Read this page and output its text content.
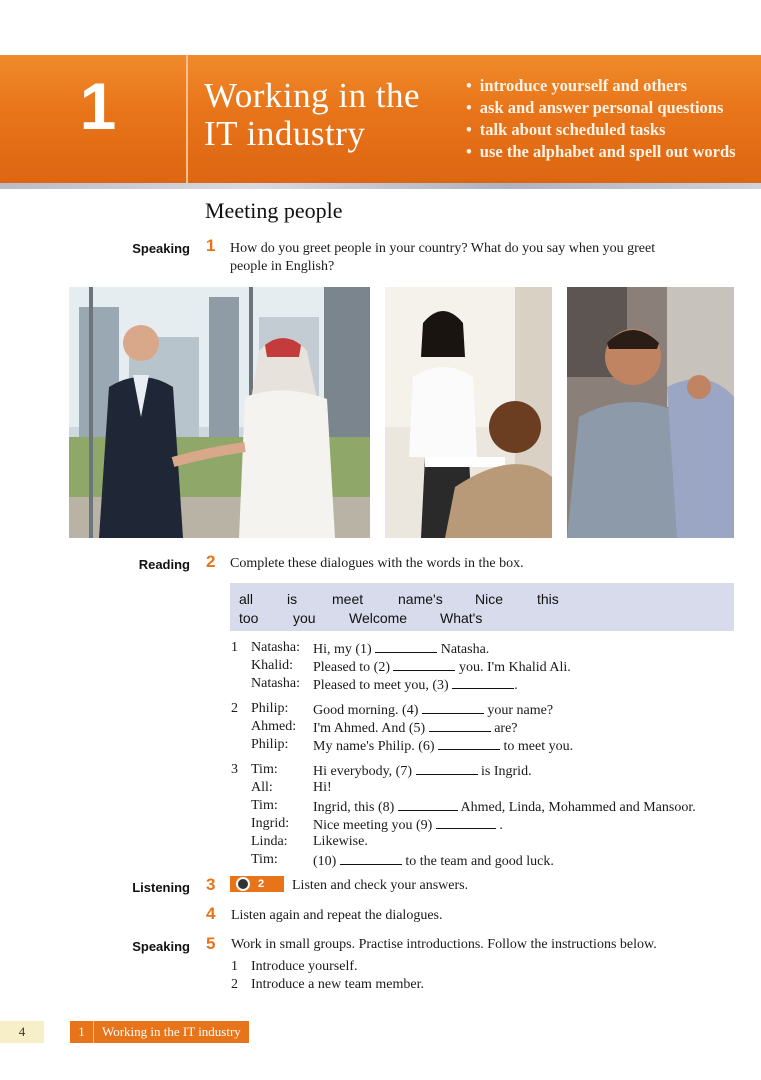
1	Working in the
IT industry
• introduce yourself and others
• ask and answer personal questions
• talk about scheduled tasks
• use the alphabet and spell out words
Meeting people
Speaking 1 How do you greet people in your country? What do you say when you greet
people in English?
Reading 2 Complete these dialogues with the words in the box.
all is meet name's Nice this
too you Welcome What's
1 Natasha: Hi, my (1)	Natasha.
Khalid: Pleased to (2)	you. I'm Khalid Ali.
Natasha: Pleased to meet you, (3)	.
2 Philip: Good morning. (4)	your name?
Ahmed: I'm Ahmed. And (5)	are?
Philip: My name's Philip. (6)	to meet you.
3 Tim:	Hi everybody, (7)	is Ingrid.
All:	Hi!
Tim:	Ingrid, this (8)	Ahmed, Linda, Mohammed and Mansoor.
Ingrid: Nice meeting you (9)	.
Linda: Likewise.
Tim:	(10)	to the team and good luck.
Listening 3	2	Listen and check your answers.
4 Listen again and repeat the dialogues.
Speaking 5 Work in small groups. Practise introductions. Follow the instructions below.
1 Introduce yourself.
2 Introduce a new team member.
4	1	Working in the IT industry
